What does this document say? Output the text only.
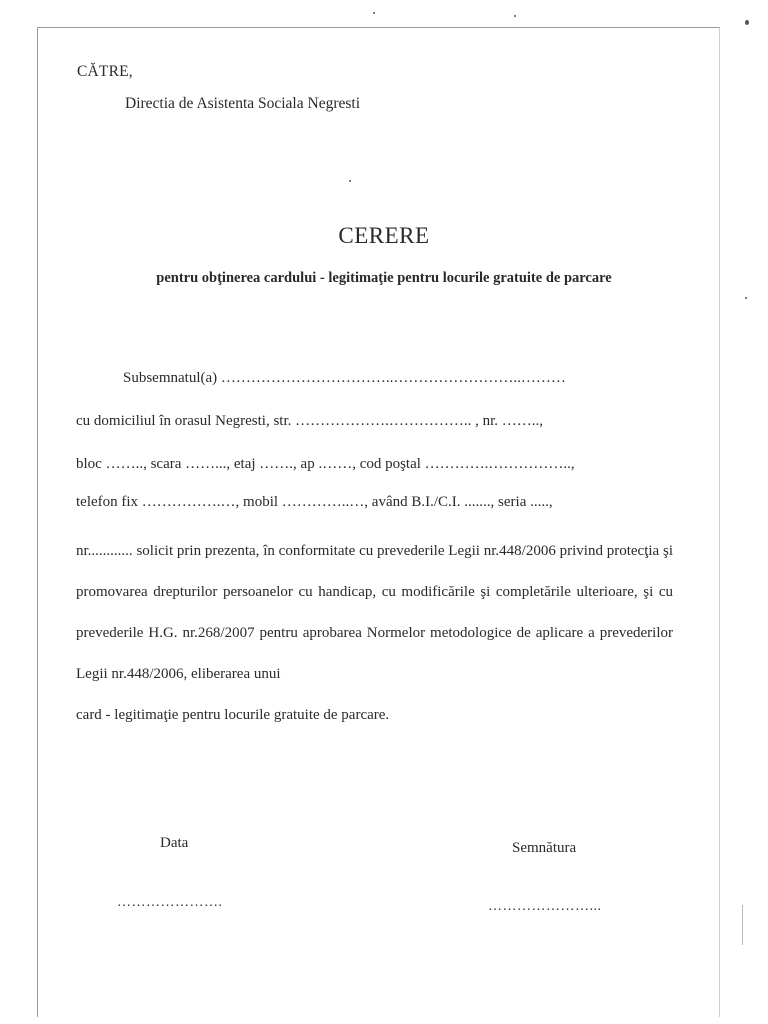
CĂTRE,
Directia de Asistenta Sociala Negresti
CERERE
pentru obţinerea cardului - legitimaţie pentru locurile gratuite de parcare
Subsemnatul(a) ……………………………..……………………..………
cu domiciliul în orasul Negresti, str. ……………….…………….. , nr. ……..,
bloc …….., scara ……..., etaj ……., ap .……, cod poştal ………….……………..,
telefon fix …………….…, mobil …………..…, având B.I./C.I. ......., seria .....,
nr............ solicit prin prezenta, în conformitate cu prevederile Legii nr.448/2006 privind protecţia şi promovarea drepturilor persoanelor cu handicap, cu modificările şi completările ulterioare, şi cu prevederile H.G. nr.268/2007 pentru aprobarea Normelor metodologice de aplicare a prevederilor Legii nr.448/2006, eliberarea unui
card - legitimaţie pentru locurile gratuite de parcare.
Data	Semnătura
………………….	…………………...
